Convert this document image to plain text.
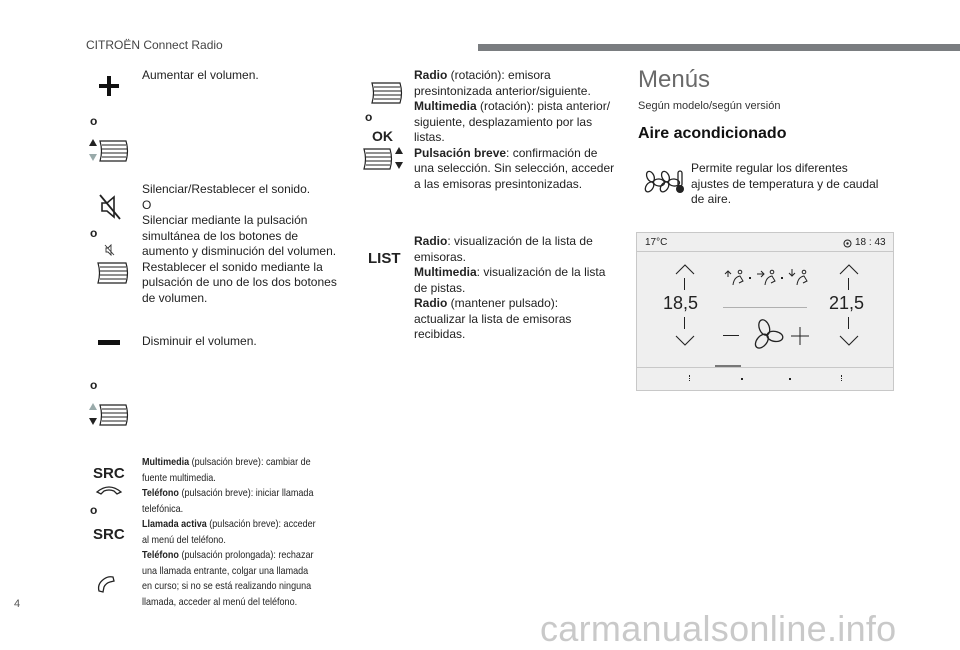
CITROËN Connect Radio
Aumentar el volumen.
o
Silenciar/Restablecer el sonido.
O
Silenciar mediante la pulsación
simultánea de los botones de
aumento y disminución del volumen.
Restablecer el sonido mediante la
pulsación de uno de los dos botones
de volumen.
o
Disminuir el volumen.
o
SRC
o
SRC
Multimedia (pulsación breve): cambiar de
fuente multimedia.
Teléfono (pulsación breve): iniciar llamada
telefónica.
Llamada activa (pulsación breve): acceder
al menú del teléfono.
Teléfono (pulsación prolongada): rechazar
una llamada entrante, colgar una llamada
en curso; si no se está realizando ninguna
llamada, acceder al menú del teléfono.
o
OK
Radio (rotación): emisora
presintonizada anterior/siguiente.
Multimedia (rotación): pista anterior/
siguiente, desplazamiento por las
listas.
Pulsación breve: confirmación de
una selección. Sin selección, acceder
a las emisoras presintonizadas.
LIST
Radio: visualización de la lista de
emisoras.
Multimedia: visualización de la lista
de pistas.
Radio (mantener pulsado):
actualizar la lista de emisoras
recibidas.
Menús
Según modelo/según versión
Aire acondicionado
Permite regular los diferentes
ajustes de temperatura y de caudal
de aire.
17°C	18 : 43
18,5	21,5
4
carmanualsonline.info
